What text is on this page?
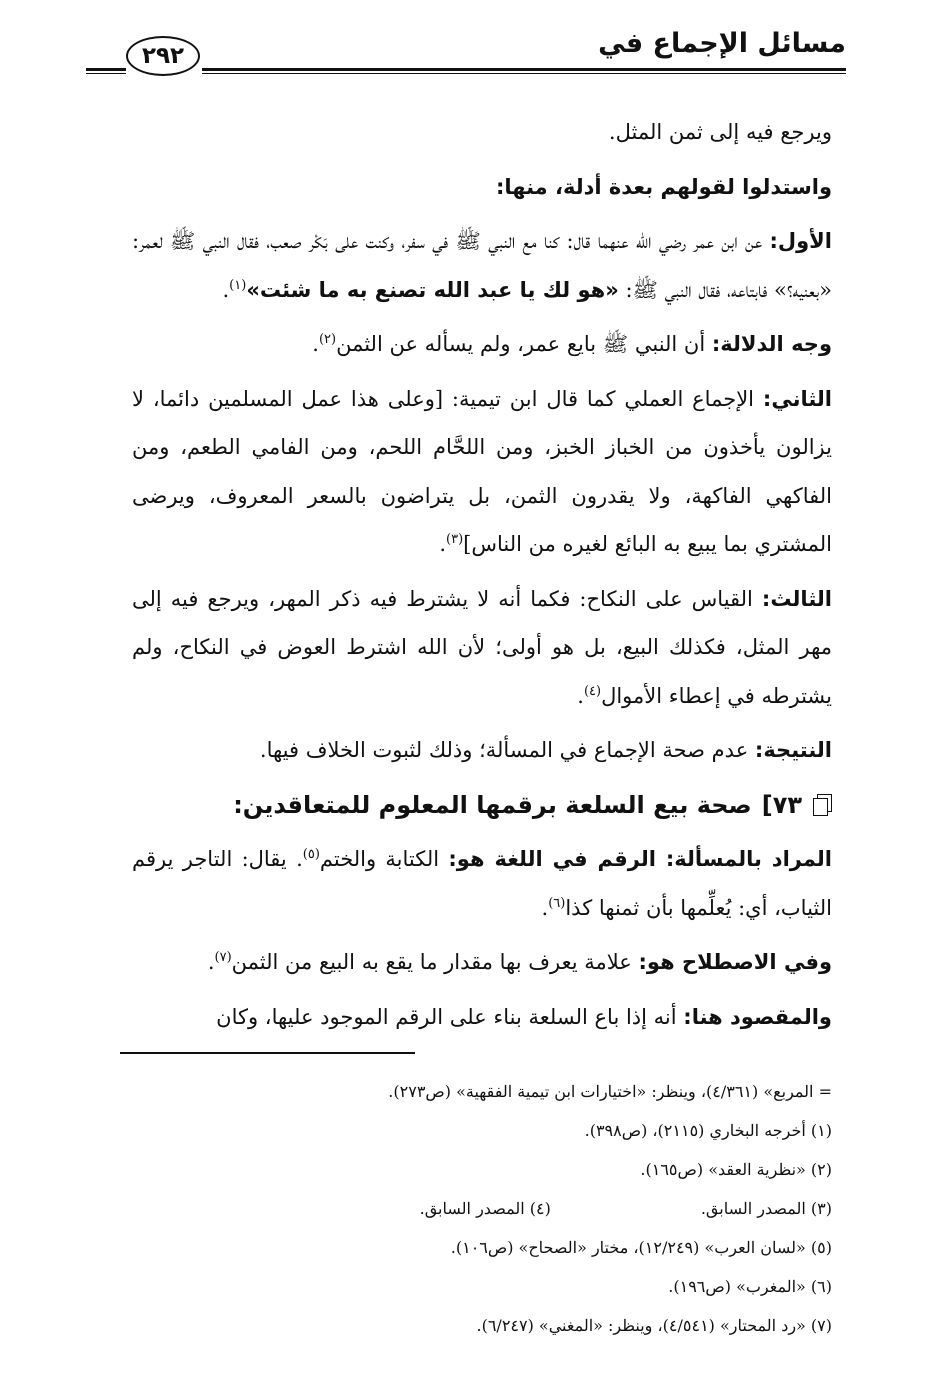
مسائل الإجماع في
٢٩٢

ويرجع فيه إلى ثمن المثل.

واستدلوا لقولهم بعدة أدلة، منها:

الأول: عن ابن عمر رضي الله عنهما قال: كنا مع النبي ﷺ في سفر، وكنت على بَكْر صعب، فقال النبي ﷺ لعمر: «بعنيه؟» فابتاعه، فقال النبي ﷺ: «هو لك يا عبد الله تصنع به ما شئت»$^{(١)}$.

وجه الدلالة: أن النبي ﷺ بايع عمر، ولم يسأله عن الثمن$^{(٢)}$.

الثاني: الإجماع العملي كما قال ابن تيمية: [وعلى هذا عمل المسلمين دائما، لا يزالون يأخذون من الخباز الخبز، ومن اللحَّام اللحم، ومن الفامي الطعم، ومن الفاكهي الفاكهة، ولا يقدرون الثمن، بل يتراضون بالسعر المعروف، ويرضى المشتري بما يبيع به البائع لغيره من الناس]$^{(٣)}$.

الثالث: القياس على النكاح: فكما أنه لا يشترط فيه ذكر المهر، ويرجع فيه إلى مهر المثل، فكذلك البيع، بل هو أولى؛ لأن الله اشترط العوض في النكاح، ولم يشترطه في إعطاء الأموال$^{(٤)}$.

النتيجة: عدم صحة الإجماع في المسألة؛ وذلك لثبوت الخلاف فيها.

٧٣]
صحة بيع السلعة برقمها المعلوم للمتعاقدين:

المراد بالمسألة: الرقم في اللغة هو: الكتابة والختم$^{(٥)}$. يقال: التاجر يرقم الثياب، أي: يُعلِّمها بأن ثمنها كذا$^{(٦)}$.

وفي الاصطلاح هو: علامة يعرف بها مقدار ما يقع به البيع من الثمن$^{(٧)}$.

والمقصود هنا: أنه إذا باع السلعة بناء على الرقم الموجود عليها، وكان

= المربع» (٤/٣٦١)، وينظر: «اختيارات ابن تيمية الفقهية» (ص٢٧٣).
(١) أخرجه البخاري (٢١١٥)، (ص٣٩٨).
(٢) «نظرية العقد» (ص١٦٥).
(٣) المصدر السابق.
(٤) المصدر السابق.
(٥) «لسان العرب» (١٢/٢٤٩)، مختار «الصحاح» (ص١٠٦).
(٦) «المغرب» (ص١٩٦).
(٧) «رد المحتار» (٤/٥٤١)، وينظر: «المغني» (٦/٢٤٧).
